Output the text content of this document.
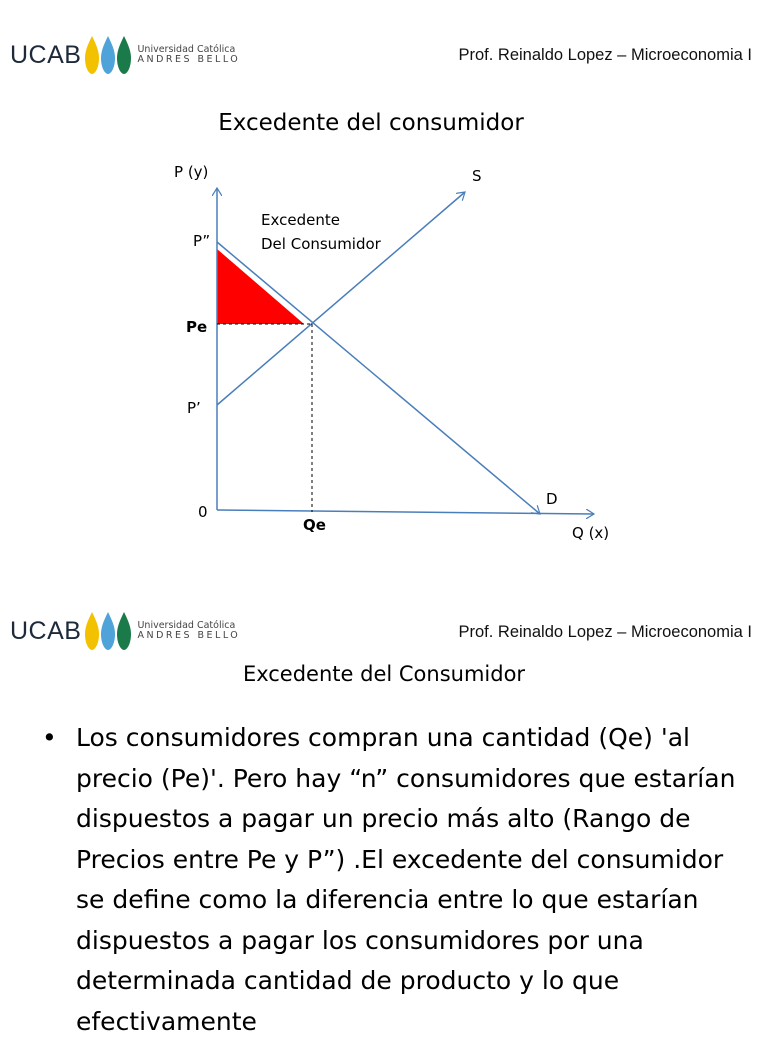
UCAB	Universidad Católica
ANDRES BELLO	Prof. Reinaldo Lopez – Microeconomia I
Excedente del consumidor
P (y)	S
P”
Pe
P’
0
Qe
D
Q (x)
Excedente
Del Consumidor
UCAB	Universidad Católica
ANDRES BELLO	Prof. Reinaldo Lopez – Microeconomia I
Excedente del Consumidor
• Los consumidores compran una cantidad (Qe) 'al precio (Pe)'. Pero hay “n” consumidores que estarían dispuestos a pagar un precio más alto (Rango de Precios entre Pe y P”) .El excedente del consumidor se define como la diferencia entre lo que estarían dispuestos a pagar los consumidores por una determinada cantidad de producto y lo que efectivamente
